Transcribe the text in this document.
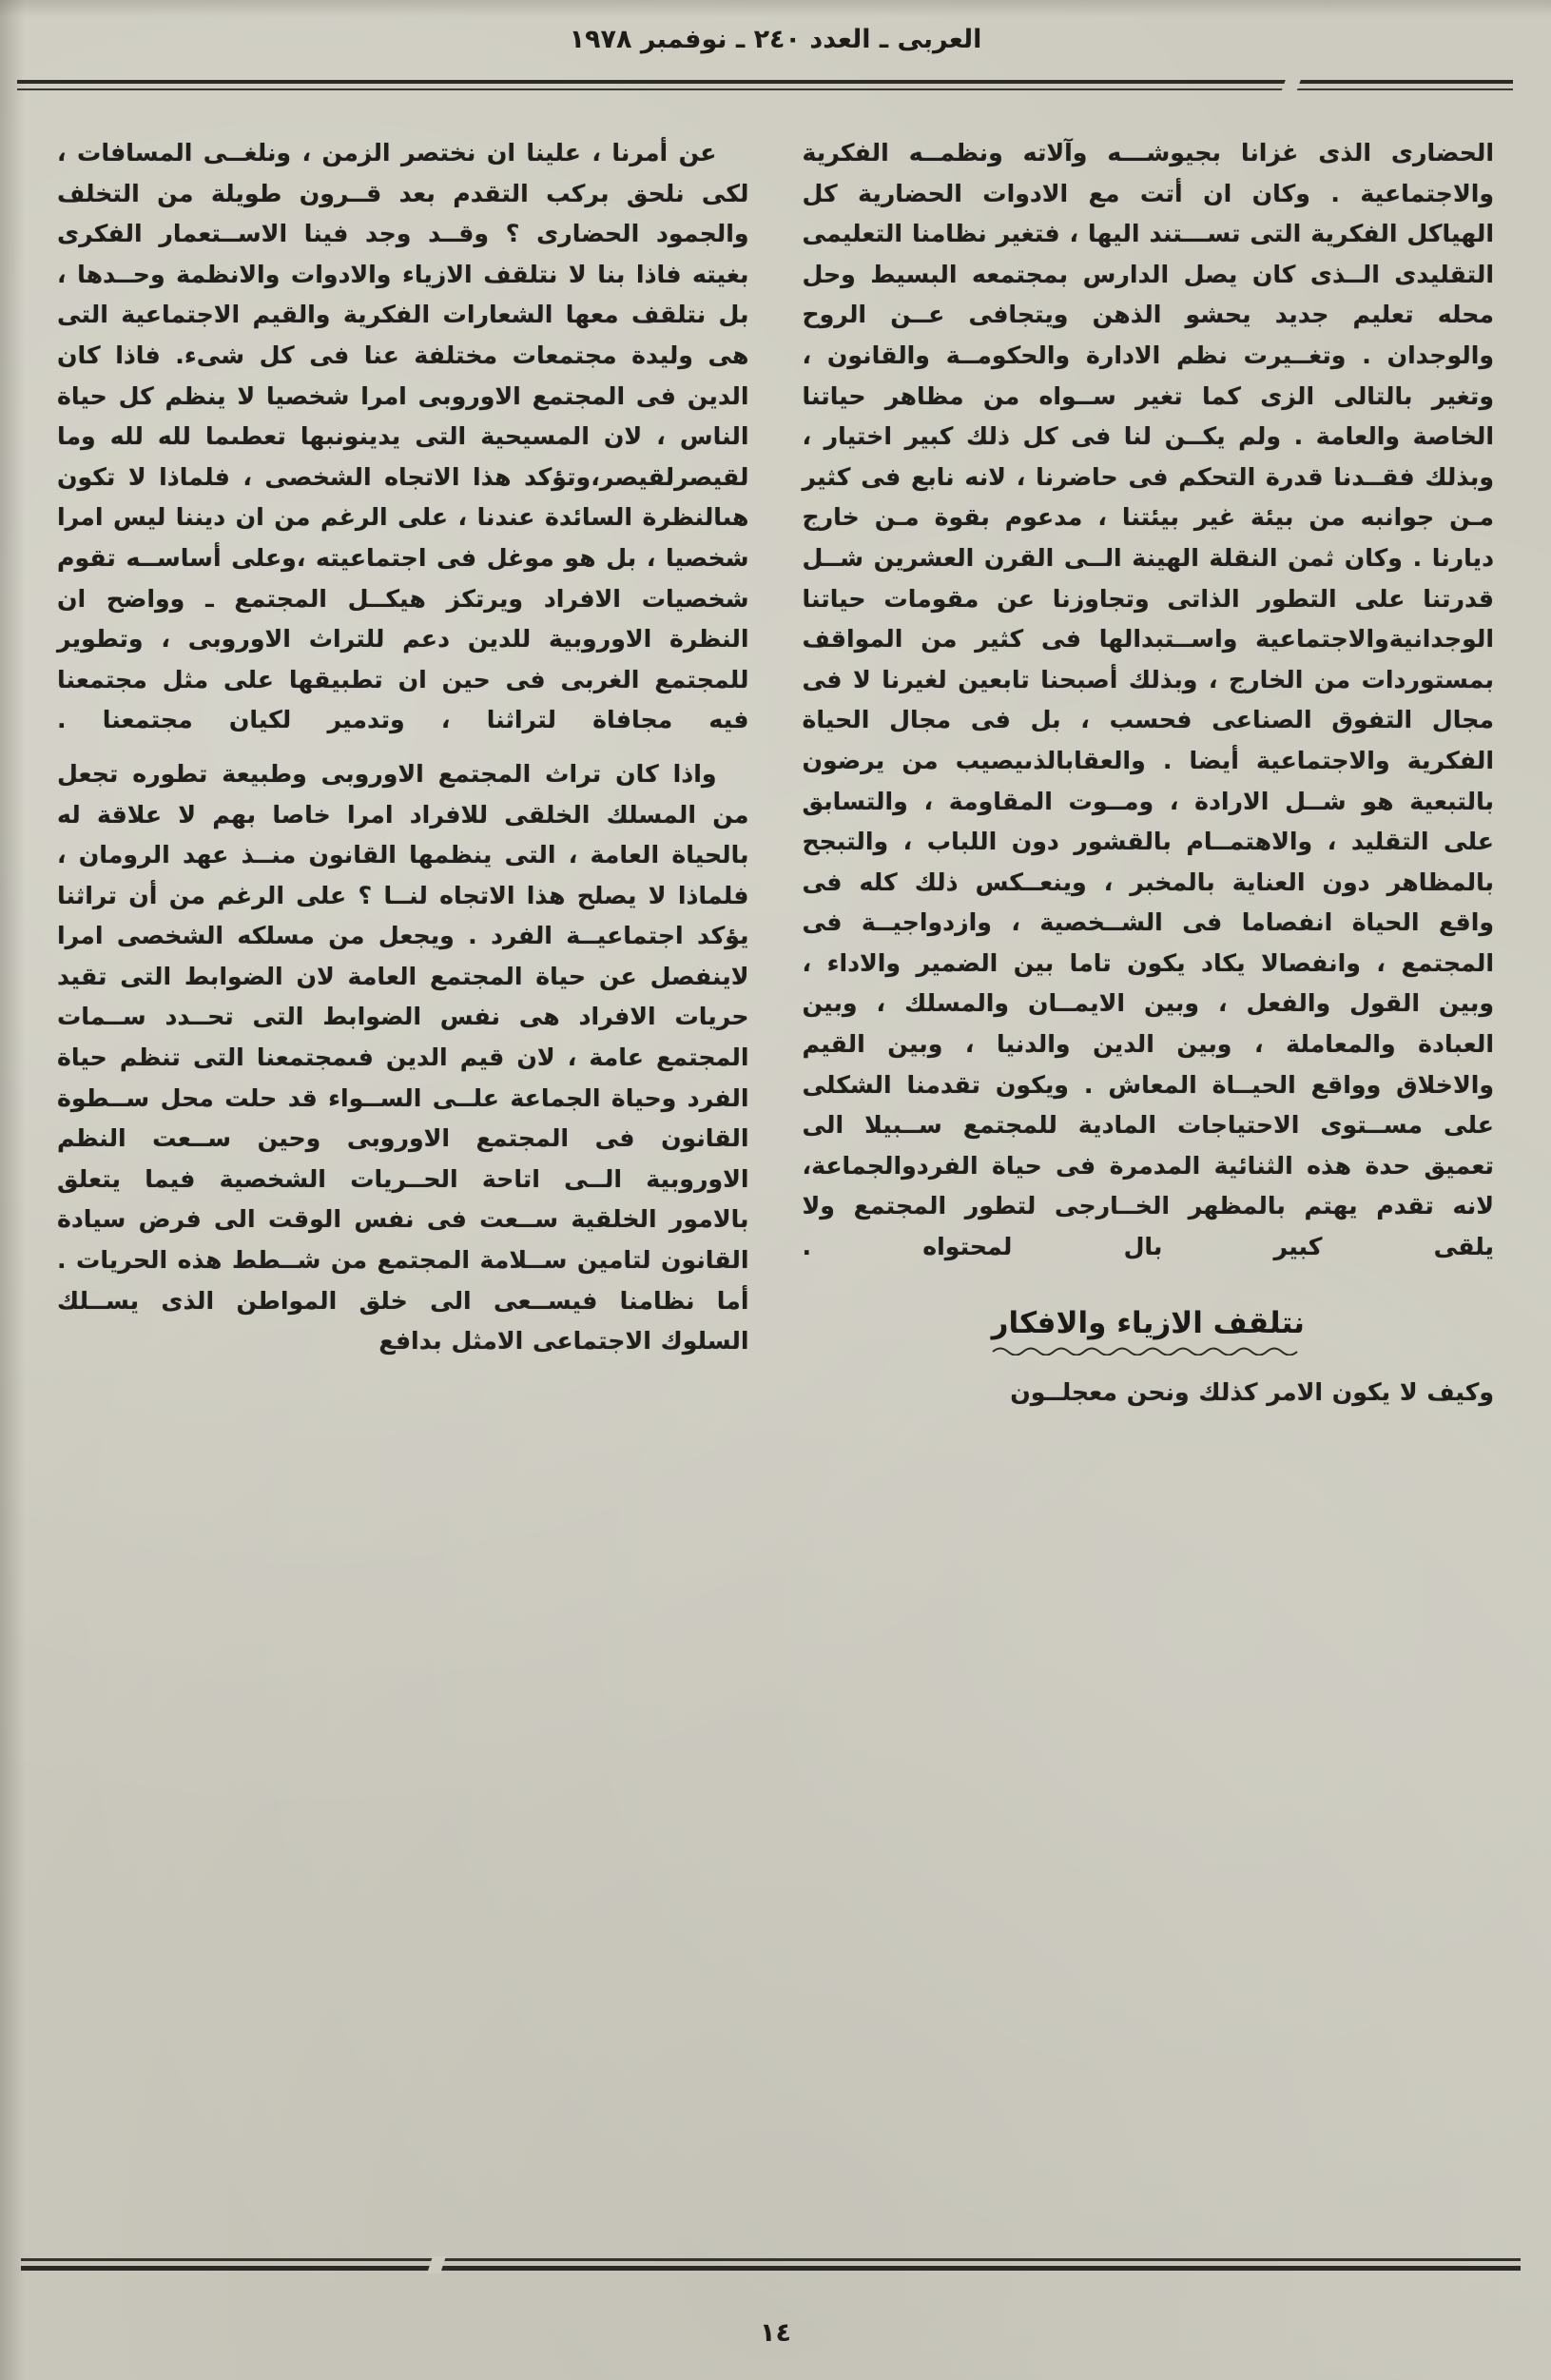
العربى ـ العدد ٢٤٠ ـ نوفمبر ١٩٧٨

الحضارى الذى غزانا بجيوشـــه وآلاته ونظمــه الفكرية والاجتماعية . وكان ان أتت مع الادوات الحضارية كل الهياكل الفكرية التى تســـتند اليها ، فتغير نظامنا التعليمى التقليدى الــذى كان يصل الدارس بمجتمعه البسيط وحل محله تعليم جديد يحشو الذهن ويتجافى عــن الروح والوجدان . وتغــيرت نظم الادارة والحكومــة والقانون ، وتغير بالتالى الزى كما تغير ســواه من مظاهر حياتنا الخاصة والعامة . ولم يكــن لنا فى كل ذلك كبير اختيار ، وبذلك فقــدنا قدرة التحكم فى حاضرنا ، لانه نابع فى كثير مـن جوانبه من بيئة غير بيئتنا ، مدعوم بقوة مـن خارج ديارنا . وكان ثمن النقلة الهينة الــى القرن العشرين شــل قدرتنا على التطور الذاتى وتجاوزنا عن مقومات حياتنا الوجدانيةوالاجتماعية واســتبدالها فى كثير من المواقف بمستوردات من الخارج ، وبذلك أصبحنا تابعين لغيرنا لا فى مجال التفوق الصناعى فحسب ، بل فى مجال الحياة الفكرية والاجتماعية أيضا . والعقابالذىيصيب من يرضون بالتبعية هو شــل الارادة ، ومــوت المقاومة ، والتسابق على التقليد ، والاهتمــام بالقشور دون اللباب ، والتبجح بالمظاهر دون العناية بالمخبر ، وينعــكس ذلك كله فى واقع الحياة انفصاما فى الشــخصية ، وازدواجيــة فى المجتمع ، وانفصالا يكاد يكون تاما بين الضمير والاداء ، وبين القول والفعل ، وبين الايمــان والمسلك ، وبين العبادة والمعاملة ، وبين الدين والدنيا ، وبين القيم والاخلاق وواقع الحيــاة المعاش . ويكون تقدمنا الشكلى على مســتوى الاحتياجات المادية للمجتمع ســبيلا الى تعميق حدة هذه الثنائية المدمرة فى حياة الفردوالجماعة، لانه تقدم يهتم بالمظهر الخــارجى لتطور المجتمع ولا يلقى كبير بال لمحتواه .

نتلقف الازياء والافكار

وكيف لا يكون الامر كذلك ونحن معجلــون

عن أمرنا ، علينا ان نختصر الزمن ، ونلغــى المسافات ، لكى نلحق بركب التقدم بعد قــرون طويلة من التخلف والجمود الحضارى ؟ وقــد وجد فينا الاســتعمار الفكرى بغيته فاذا بنا لا نتلقف الازياء والادوات والانظمة وحــدها ، بل نتلقف معها الشعارات الفكرية والقيم الاجتماعية التى هى وليدة مجتمعات مختلفة عنا فى كل شىء. فاذا كان الدين فى المجتمع الاوروبى امرا شخصيا لا ينظم كل حياة الناس ، لان المسيحية التى يدينونبها تعطىما لله لله وما لقيصرلقيصر،وتؤكد هذا الاتجاه الشخصى ، فلماذا لا تكون هىالنظرة السائدة عندنا ، على الرغم من ان ديننا ليس امرا شخصيا ، بل هو موغل فى اجتماعيته ،وعلى أساســه تقوم شخصيات الافراد ويرتكز هيكــل المجتمع ـ وواضح ان النظرة الاوروبية للدين دعم للتراث الاوروبى ، وتطوير للمجتمع الغربى فى حين ان تطبيقها على مثل مجتمعنا فيه مجافاة لتراثنا ، وتدمير لكيان مجتمعنا .

واذا كان تراث المجتمع الاوروبى وطبيعة تطوره تجعل من المسلك الخلقى للافراد امرا خاصا بهم لا علاقة له بالحياة العامة ، التى ينظمها القانون منــذ عهد الرومان ، فلماذا لا يصلح هذا الاتجاه لنــا ؟ على الرغم من أن تراثنا يؤكد اجتماعيــة الفرد . ويجعل من مسلكه الشخصى امرا لاينفصل عن حياة المجتمع العامة لان الضوابط التى تقيد حريات الافراد هى نفس الضوابط التى تحــدد ســمات المجتمع عامة ، لان قيم الدين فىمجتمعنا التى تنظم حياة الفرد وحياة الجماعة علــى الســواء قد حلت محل ســطوة القانون فى المجتمع الاوروبى وحين ســعت النظم الاوروبية الــى اتاحة الحــريات الشخصية فيما يتعلق بالامور الخلقية ســعت فى نفس الوقت الى فرض سيادة القانون لتامين ســلامة المجتمع من شــطط هذه الحريات . أما نظامنا فيســعى الى خلق المواطن الذى يســلك السلوك الاجتماعى الامثل بدافع

١٤
